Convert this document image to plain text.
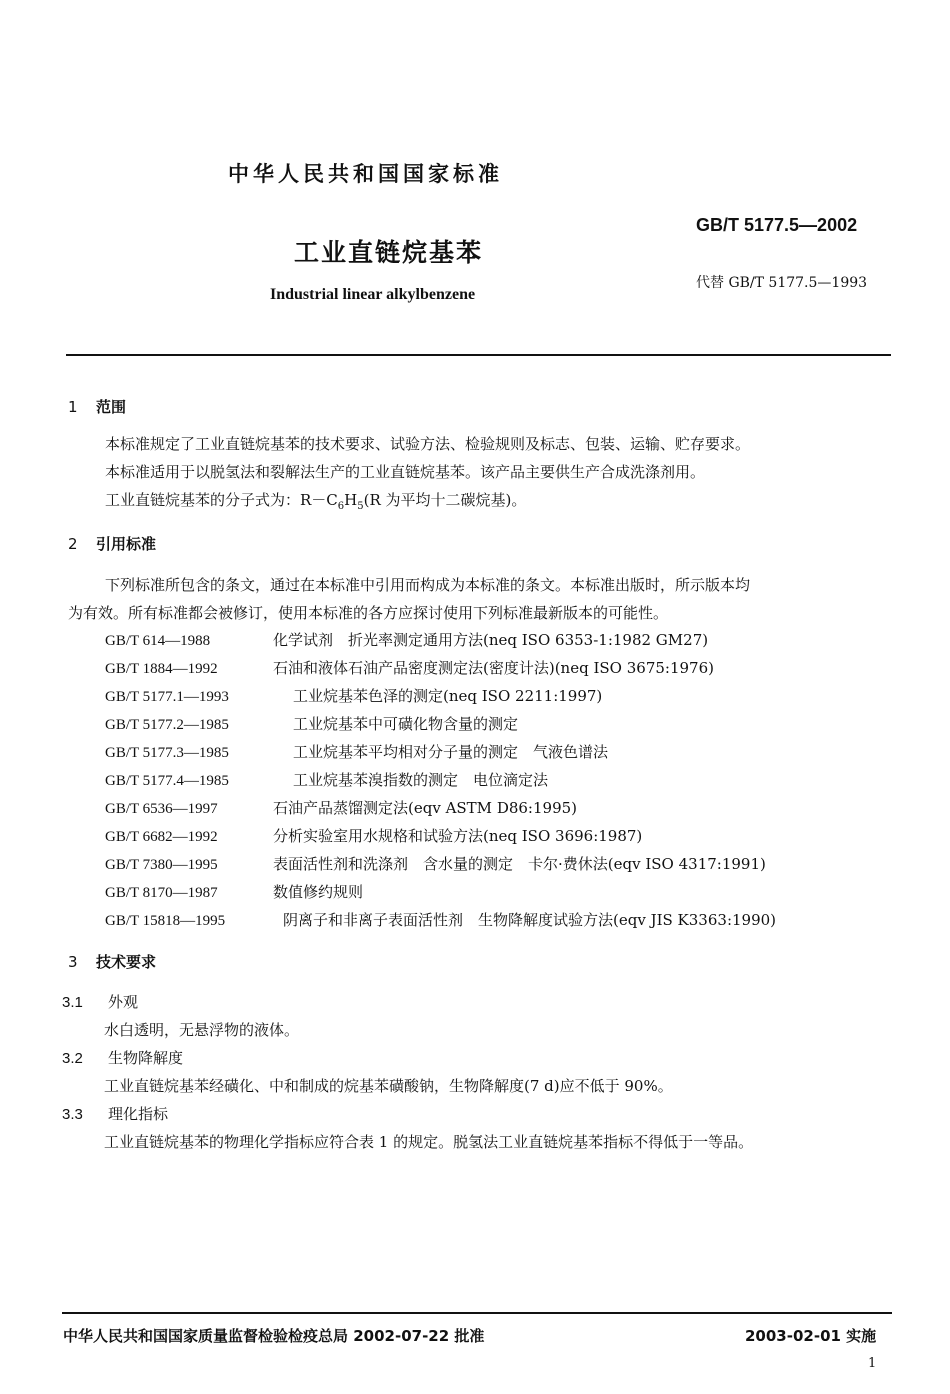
中华人民共和国国家标准
GB/T 5177.5—2002
工业直链烷基苯
代替 GB/T 5177.5—1993
Industrial linear alkylbenzene
1 范围
本标准规定了工业直链烷基苯的技术要求、试验方法、检验规则及标志、包装、运输、贮存要求。
本标准适用于以脱氢法和裂解法生产的工业直链烷基苯。该产品主要供生产合成洗涤剂用。
工业直链烷基苯的分子式为：$R-C_6H_5(R$ 为平均十二碳烷基)。
2 引用标准
下列标准所包含的条文，通过在本标准中引用而构成为本标准的条文。本标准出版时，所示版本均
为有效。所有标准都会被修订，使用本标准的各方应探讨使用下列标准最新版本的可能性。
GB/T 614—1988	化学试剂　折光率测定通用方法(neq ISO 6353-1:1982 GM27)
GB/T 1884—1992	石油和液体石油产品密度测定法(密度计法)(neq ISO 3675:1976)
GB/T 5177.1—1993	工业烷基苯色泽的测定(neq ISO 2211:1997)
GB/T 5177.2—1985	工业烷基苯中可磺化物含量的测定
GB/T 5177.3—1985	工业烷基苯平均相对分子量的测定　气液色谱法
GB/T 5177.4—1985	工业烷基苯溴指数的测定　电位滴定法
GB/T 6536—1997	石油产品蒸馏测定法(eqv ASTM D86:1995)
GB/T 6682—1992	分析实验室用水规格和试验方法(neq ISO 3696:1987)
GB/T 7380—1995	表面活性剂和洗涤剂　含水量的测定　卡尔·费休法(eqv ISO 4317:1991)
GB/T 8170—1987	数值修约规则
GB/T 15818—1995	阴离子和非离子表面活性剂　生物降解度试验方法(eqv JIS K3363:1990)
3 技术要求
3.1 外观
水白透明，无悬浮物的液体。
3.2 生物降解度
工业直链烷基苯经磺化、中和制成的烷基苯磺酸钠，生物降解度(7 d)应不低于 90%。
3.3 理化指标
工业直链烷基苯的物理化学指标应符合表 1 的规定。脱氢法工业直链烷基苯指标不得低于一等品。
中华人民共和国国家质量监督检验检疫总局 2002-07-22 批准	2003-02-01 实施
1
